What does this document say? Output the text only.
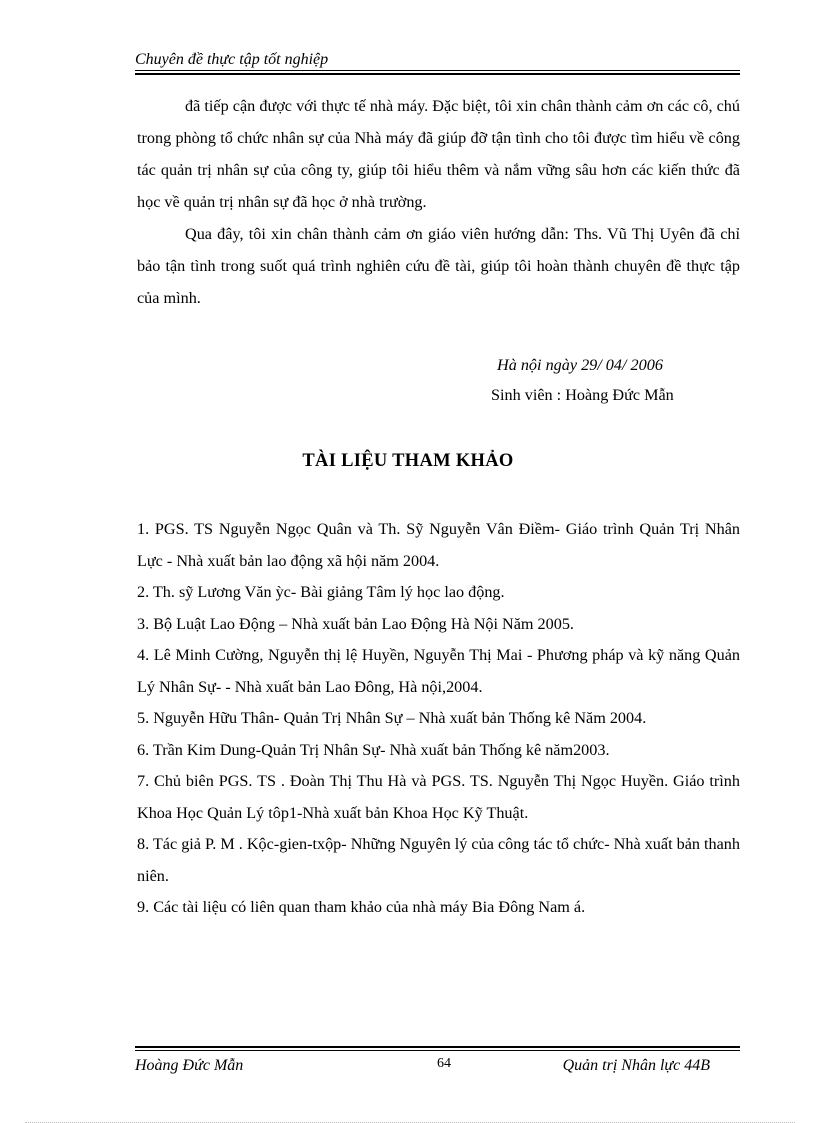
Chuyên đề thực tập tốt nghiệp

đã tiếp cận được với thực tế nhà máy. Đặc biệt, tôi xin chân thành cảm ơn các cô, chú trong phòng tổ chức nhân sự của Nhà máy đã giúp đỡ tận tình cho tôi được tìm hiểu về công tác quản trị nhân sự của công ty, giúp tôi hiểu thêm và nắm vững sâu hơn các kiến thức đã học về quản trị nhân sự đã học ở nhà trường.

Qua đây, tôi xin chân thành cảm ơn giáo viên hướng dẫn: Ths. Vũ Thị Uyên đã chỉ bảo tận tình trong suốt quá trình nghiên cứu đề tài, giúp tôi hoàn thành chuyên đề thực tập của mình.

Hà nội ngày 29/ 04/ 2006
Sinh viên : Hoàng Đức Mẫn
TÀI LIỆU THAM KHẢO

1. PGS. TS Nguyễn Ngọc Quân và Th. Sỹ Nguyễn Vân Điềm- Giáo trình Quản Trị Nhân Lực - Nhà xuất bản lao động xã hội năm 2004.

2. Th. sỹ Lương Văn ỳc- Bài giảng Tâm lý học lao động.

3. Bộ Luật Lao Động – Nhà xuất bản Lao Động Hà Nội Năm 2005.

4. Lê Minh Cường, Nguyễn thị lệ Huyền, Nguyễn Thị Mai - Phương pháp và kỹ năng Quản Lý Nhân Sự- - Nhà xuất bản Lao Đông, Hà nội,2004.

5. Nguyễn Hữu Thân- Quản Trị Nhân Sự – Nhà xuất bản Thống kê Năm 2004.

6. Trần Kim Dung-Quản Trị Nhân Sự- Nhà xuất bản Thống kê năm2003.

7. Chủ biên PGS. TS . Đoàn Thị Thu Hà và PGS. TS. Nguyễn Thị Ngọc Huyền. Giáo trình Khoa Học Quản Lý tôp1-Nhà xuất bản Khoa Học Kỹ Thuật.

8. Tác giả P. M . Kộc-gien-txộp- Những Nguyên lý của công tác tổ chức- Nhà xuất bản thanh niên.

9. Các tài liệu có liên quan tham khảo của nhà máy Bia Đông Nam á.

Hoàng Đức Mẫn	64	Quản trị Nhân lực 44B
